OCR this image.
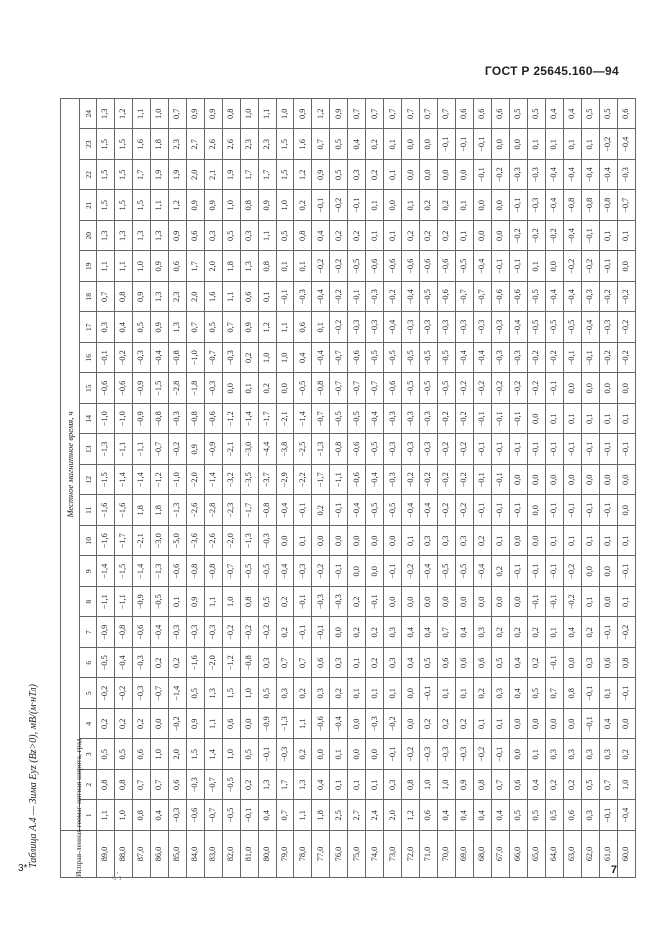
ГОСТ Р 25645.160—94
Таблица А.4 — Зима Eyz (Bz>0), мВ/(м·нТл)	Исправ-ленная геомаг-нитная широта, град	Местное магнитное время, ч																							
	1	2	3	4	5	6	7	8	9	10	11	12	13	14	15	16	17	18	19	20	21	22	23	24
89,0	1,1	0,8	0,5	0,2	−0,2	−0,5	−0,9	−1,1	−1,4	−1,6	−1,6	−1,5	−1,3	−1,0	−0,6	−0,1	0,3	0,7	1,1	1,3	1,5	1,5	1,5	1,3
88,0	1,0	0,8	0,5	0,2	−0,2	−0,4	−0,8	−1,1	−1,5	−1,7	−1,6	−1,4	−1,1	−1,0	−0,6	−0,2	0,4	0,8	1,1	1,3	1,5	1,5	1,5	1,2
87,0	0,8	0,7	0,6	0,2	−0,3	−0,3	−0,6	−0,9	−1,4	−2,1	1,8	−1,4	−1,1	−0,9	−0,9	−0,3	0,5	0,9	1,0	1,3	1,5	1,7	1,6	1,1
86,0	0,4	0,7	1,0	0,0	−0,7	0,2	−0,4	−0,5	−1,3	−3,0	1,8	−1,2	−0,7	−0,8	−1,5	−0,4	0,9	1,3	0,9	1,3	1,1	1,9	1,8	1,0
85,0	−0,3	0,6	2,0	−0,2	−1,4	0,2	−0,3	0,1	−0,6	−5,0	−1,3	−1,0	−0,2	−0,3	−2,8	−0,8	1,3	2,3	0,6	0,9	1,2	1,9	2,3	0,7
84,0	−0,6	−0,3	1,5	0,9	0,5	−1,6	−0,3	0,9	−0,8	−3,6	−2,6	−2,0	0,9	−0,8	−1,8	−1,0	0,7	2,0	1,7	0,6	0,9	2,0	2,7	0,9
83,0	−0,7	−0,7	1,4	1,1	1,3	−2,0	−0,3	1,1	−0,8	−2,6	−2,8	−1,4	−0,9	−0,6	−0,3	−0,7	0,5	1,6	2,0	0,3	0,9	2,1	2,6	0,9
82,0	−0,5	−0,5	1,0	0,6	1,5	−1,2	−0,2	1,0	−0,7	−2,0	−2,3	−3,2	−2,1	−1,2	0,0	−0,3	0,7	1,1	1,8	0,5	1,0	1,9	2,6	0,8
81,0	−0,1	0,2	0,5	0,0	1,0	−0,8	−0,2	0,8	−0,5	−1,3	−1,7	−3,5	−3,0	−1,4	0,1	0,2	0,9	0,6	1,3	0,3	0,8	1,7	2,3	1,0
80,0	0,4	1,3	−0,1	−0,9	0,5	0,3	−0,2	0,5	−0,5	−0,3	−0,8	−3,7	−4,4	−1,7	0,2	1,0	1,2	0,1	0,8	1,1	0,9	1,7	2,3	1,1
79,0	0,7	1,7	−0,3	−1,3	0,3	0,7	0,2	0,2	−0,4	0,0	−0,4	−2,9	−3,8	−2,1	0,0	1,0	1,1	−0,1	0,1	0,5	1,0	1,5	1,5	1,0
78,0	1,1	1,3	0,2	1,1	0,2	0,7	−0,1	−0,1	−0,3	0,1	−0,1	−2,2	−2,5	−1,4	−0,5	0,4	0,6	−0,3	0,1	0,8	0,2	1,2	1,6	0,9
77,0	1,8	0,4	0,0	−0,6	0,3	0,6	−0,1	−0,3	−0,2	0,0	0,2	−1,7	−1,3	−0,7	−0,8	−0,4	0,1	−0,4	−0,2	0,4	−0,1	0,9	0,7	1,2
76,0	2,5	0,1	0,1	−0,4	0,2	0,3	0,0	−0,3	−0,1	0,0	−0,1	−1,1	−0,8	−0,5	−0,7	−0,7	−0,2	−0,2	−0,2	0,2	−0,2	0,5	0,5	0,9
75,0	2,7	0,1	0,0	0,0	0,1	0,1	0,2	0,2	0,0	0,0	−0,4	−0,6	−0,6	−0,5	−0,7	−0,6	−0,3	−0,1	−0,5	0,2	−0,1	0,3	0,4	0,7
74,0	2,4	0,1	0,0	−0,3	0,1	0,2	0,2	−0,1	0,0	0,0	−0,5	−0,4	−0,5	−0,4	−0,7	−0,5	−0,3	−0,3	−0,6	0,1	0,1	0,2	0,2	0,7
73,0	2,0	0,3	−0,1	−0,2	0,1	0,3	0,3	0,0	−0,1	0,0	−0,5	−0,3	−0,3	−0,3	−0,6	−0,5	−0,4	−0,2	−0,6	0,1	0,0	0,1	0,1	0,7
72,0	1,2	0,8	−0,2	0,0	0,0	0,4	0,4	0,0	−0,2	0,1	−0,4	−0,2	−0,3	−0,3	−0,5	−0,5	−0,3	−0,4	−0,6	0,2	0,1	0,0	0,0	0,7
71,0	0,6	1,0	−0,3	0,2	−0,1	0,5	0,4	0,0	−0,4	0,3	−0,4	−0,2	−0,3	−0,3	−0,5	−0,5	−0,3	−0,5	−0,6	0,2	0,2	0,0	0,0	0,7
70,0	0,4	1,0	−0,3	0,2	0,1	0,6	0,7	0,0	−0,5	0,3	−0,2	−0,2	−0,2	−0,2	−0,5	−0,5	−0,3	−0,6	−0,6	0,2	0,2	0,0	−0,1	0,7
69,0	0,4	0,9	−0,3	0,2	0,1	0,6	0,4	0,0	−0,5	0,3	−0,2	−0,2	−0,2	−0,2	−0,2	−0,4	−0,3	−0,7	−0,5	0,1	0,1	0,0	−0,1	0,6
68,0	0,4	0,8	−0,2	0,1	0,2	0,6	0,3	0,0	−0,4	0,2	−0,1	−0,1	−0,1	−0,1	−0,2	−0,4	−0,3	−0,7	−0,4	0,0	0,0	−0,1	−0,1	0,6
67,0	0,4	0,7	−0,1	0,1	0,3	0,5	0,2	0,0	0,2	0,1	−0,1	−0,1	−0,1	−0,1	−0,2	−0,3	−0,3	−0,6	−0,1	0,0	0,0	−0,2	0,0	0,6
66,0	0,5	0,6	0,0	0,0	0,4	0,4	0,2	0,0	−0,1	0,0	−0,1	0,0	−0,1	−0,1	−0,2	−0,3	−0,4	−0,6	−0,1	−0,2	−0,1	−0,3	0,0	0,5
65,0	0,5	0,4	0,1	0,0	0,5	0,2	0,2	−0,1	−0,1	0,0	0,0	0,0	−0,1	0,0	−0,2	−0,2	−0,5	−0,5	0,1	−0,2	−0,3	−0,3	0,1	0,5
64,0	0,5	0,2	0,3	0,0	0,7	−0,1	0,1	−0,1	−0,1	0,1	−0,1	0,0	−0,1	0,1	−0,1	−0,2	−0,5	−0,4	0,0	−0,2	−0,4	−0,4	0,1	0,4
63,0	0,6	0,2	0,3	0,0	0,8	0,0	0,4	−0,2	−0,2	0,1	−0,1	0,0	−0,1	0,1	0,0	−0,1	−0,5	−0,4	−0,2	−0,4	−0,8	−0,4	0,1	0,4
62,0	0,3	0,5	0,3	−0,1	−0,1	0,3	0,2	0,1	0,0	0,1	−0,1	0,0	−0,1	0,1	0,0	−0,1	−0,4	−0,3	−0,2	−0,1	−0,8	−0,4	0,1	0,5
61,0	−0,1	0,7	0,3	0,4	0,1	0,6	−0,1	0,0	0,0	0,1	−0,1	0,0	−0,1	0,1	0,0	−0,2	−0,3	−0,2	−0,1	0,1	−0,8	−0,4	−0,2	0,5
60,0	−0,4	1,0	0,2	0,0	−0,1	0,8	−0,2	0,1	−0,1	0,1	0,0	0,0	−0,1	0,1	0,0	−0,2	−0,2	−0,2	0,0	0,1	−0,7	−0,3	−0,4	0,6
3*
ᵢ₂ʹ₁	7
